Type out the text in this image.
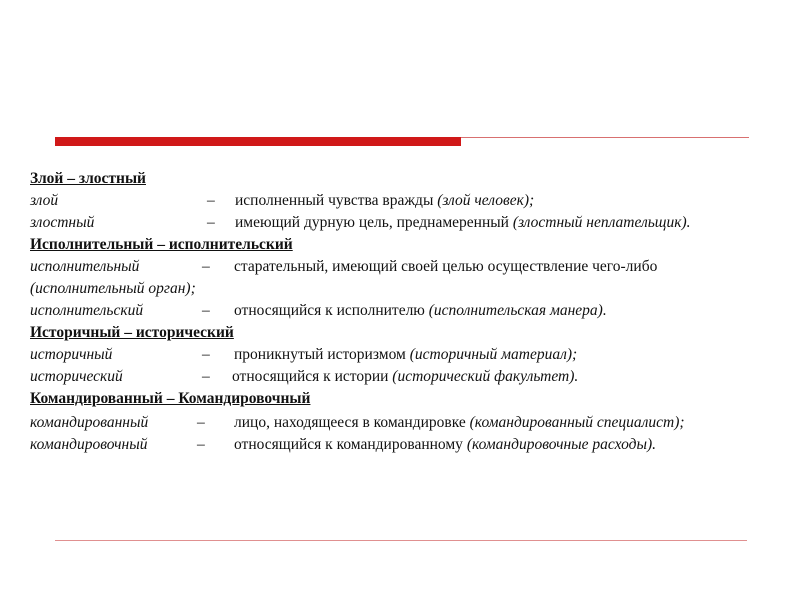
Злой – злостный
злой	– исполненный чувства вражды (злой человек);
злостный	– имеющий дурную цель, преднамеренный (злостный неплательщик).
Исполнительный – исполнительский
исполнительный	– старательный, имеющий своей целью осуществление чего-либо
(исполнительный орган);
исполнительский	– относящийся к исполнителю (исполнительская манера).
Историчный – исторический
историчный	– проникнутый историзмом (историчный материал);
исторический	– относящийся к истории (исторический факультет).
Командированный – Командировочный
командированный	– лицо, находящееся в командировке (командированный специалист);
командировочный	– относящийся к командированному (командировочные расходы).
